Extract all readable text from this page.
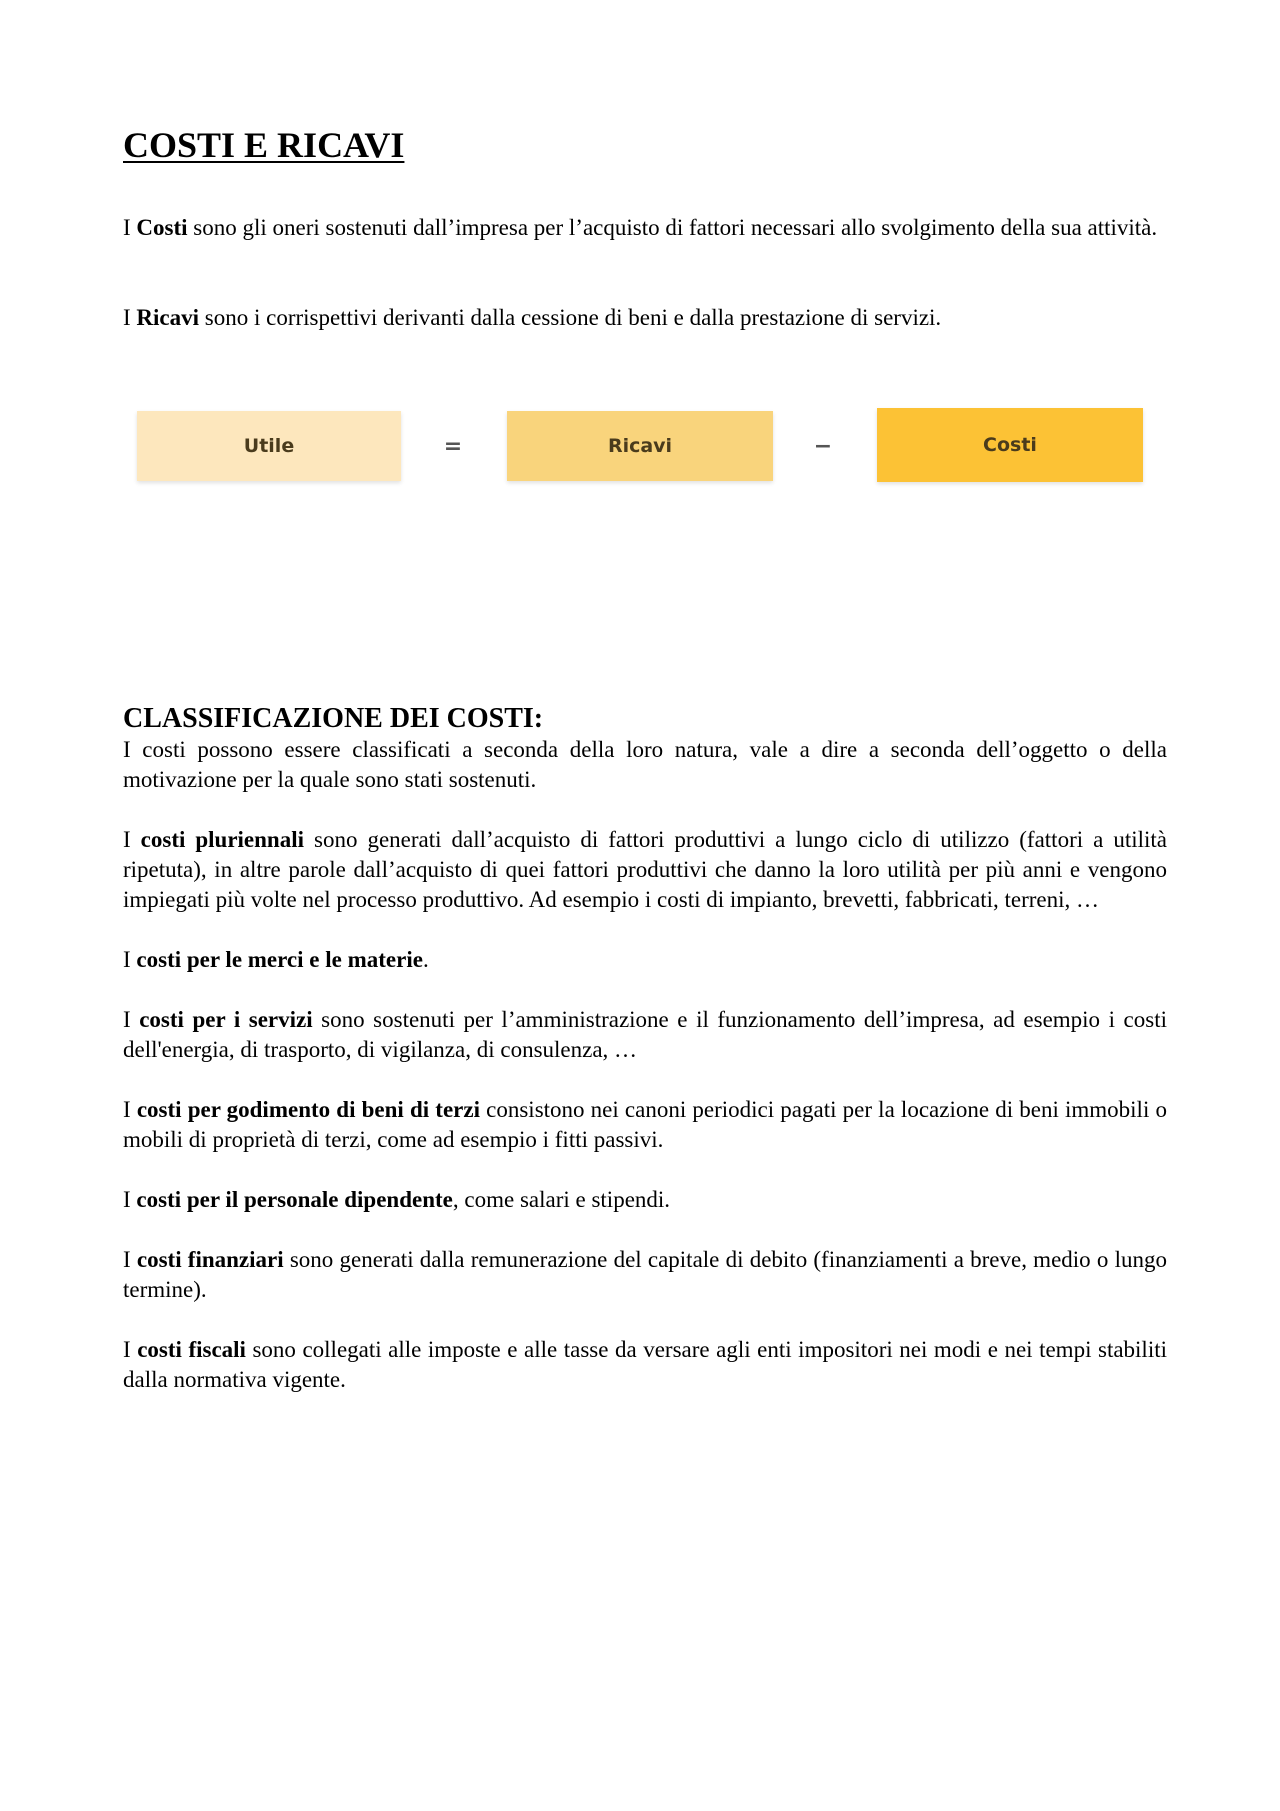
COSTI E RICAVI

I Costi sono gli oneri sostenuti dall’impresa per l’acquisto di fattori necessari allo svolgimento della sua attività.

I Ricavi sono i corrispettivi derivanti dalla cessione di beni e dalla prestazione di servizi.

Utile	=	Ricavi	−	Costi
CLASSIFICAZIONE DEI COSTI:

I costi possono essere classificati a seconda della loro natura, vale a dire a seconda dell’oggetto o della motivazione per la quale sono stati sostenuti.

I costi pluriennali sono generati dall’acquisto di fattori produttivi a lungo ciclo di utilizzo (fattori a utilità ripetuta), in altre parole dall’acquisto di quei fattori produttivi che danno la loro utilità per più anni e vengono impiegati più volte nel processo produttivo. Ad esempio i costi di impianto, brevetti, fabbricati, terreni, …

I costi per le merci e le materie.

I costi per i servizi sono sostenuti per l’amministrazione e il funzionamento dell’impresa, ad esempio i costi dell'energia, di trasporto, di vigilanza, di consulenza, …

I costi per godimento di beni di terzi consistono nei canoni periodici pagati per la locazione di beni immobili o mobili di proprietà di terzi, come ad esempio i fitti passivi.

I costi per il personale dipendente, come salari e stipendi.

I costi finanziari sono generati dalla remunerazione del capitale di debito (finanziamenti a breve, medio o lungo termine).

I costi fiscali sono collegati alle imposte e alle tasse da versare agli enti impositori nei modi e nei tempi stabiliti dalla normativa vigente.
